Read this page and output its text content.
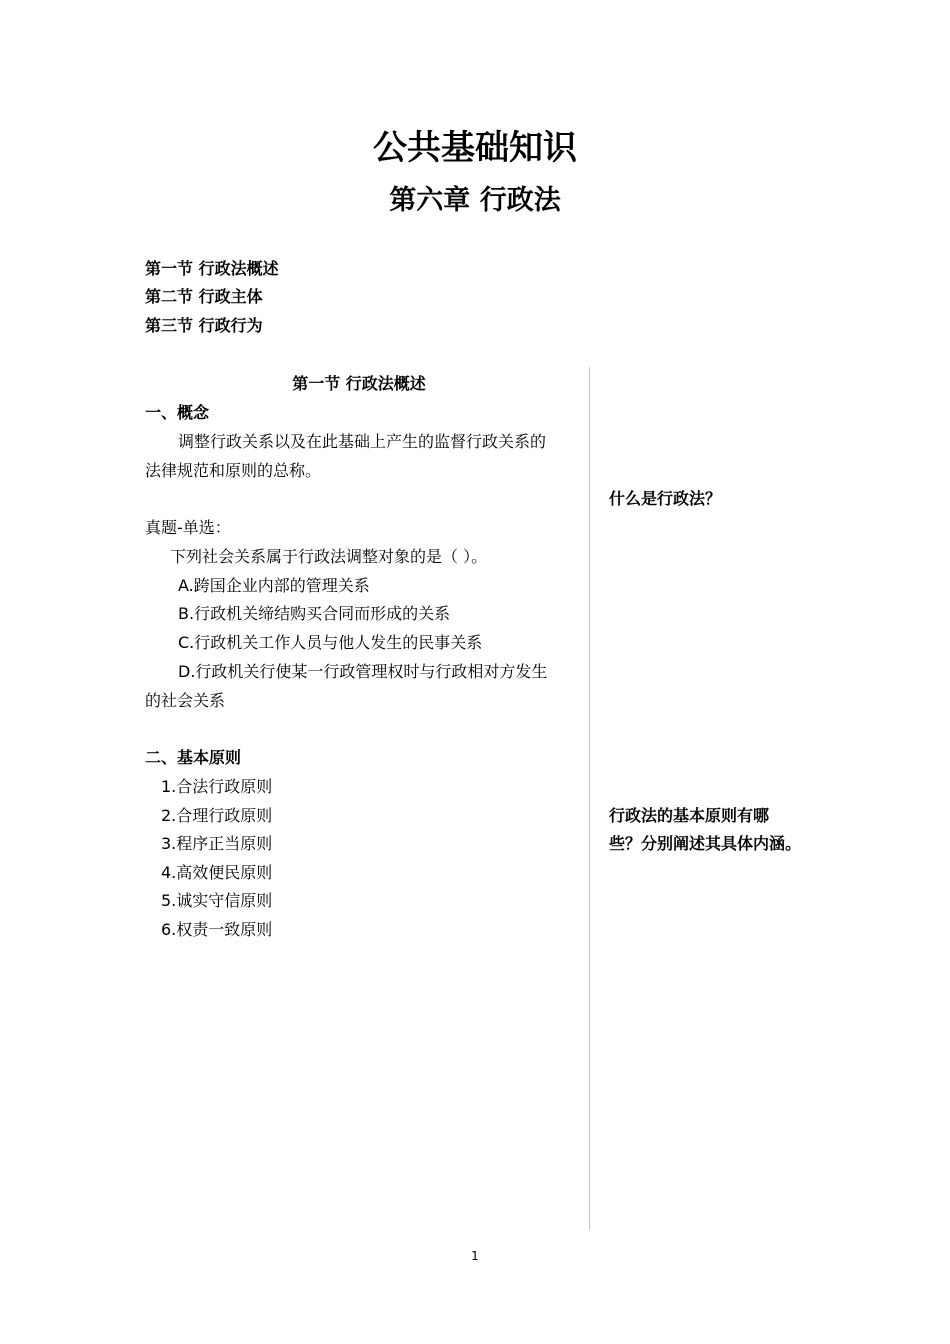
公共基础知识
第六章 行政法
第一节 行政法概述
第二节 行政主体
第三节 行政行为
第一节 行政法概述
一、概念
调整行政关系以及在此基础上产生的监督行政关系的
法律规范和原则的总称。
真题-单选：
下列社会关系属于行政法调整对象的是（ ）。
A.跨国企业内部的管理关系
B.行政机关缔结购买合同而形成的关系
C.行政机关工作人员与他人发生的民事关系
D.行政机关行使某一行政管理权时与行政相对方发生
的社会关系
二、基本原则
1.合法行政原则
2.合理行政原则
3.程序正当原则
4.高效便民原则
5.诚实守信原则
6.权责一致原则
什么是行政法？
行政法的基本原则有哪
些？分别阐述其具体内涵。
1
